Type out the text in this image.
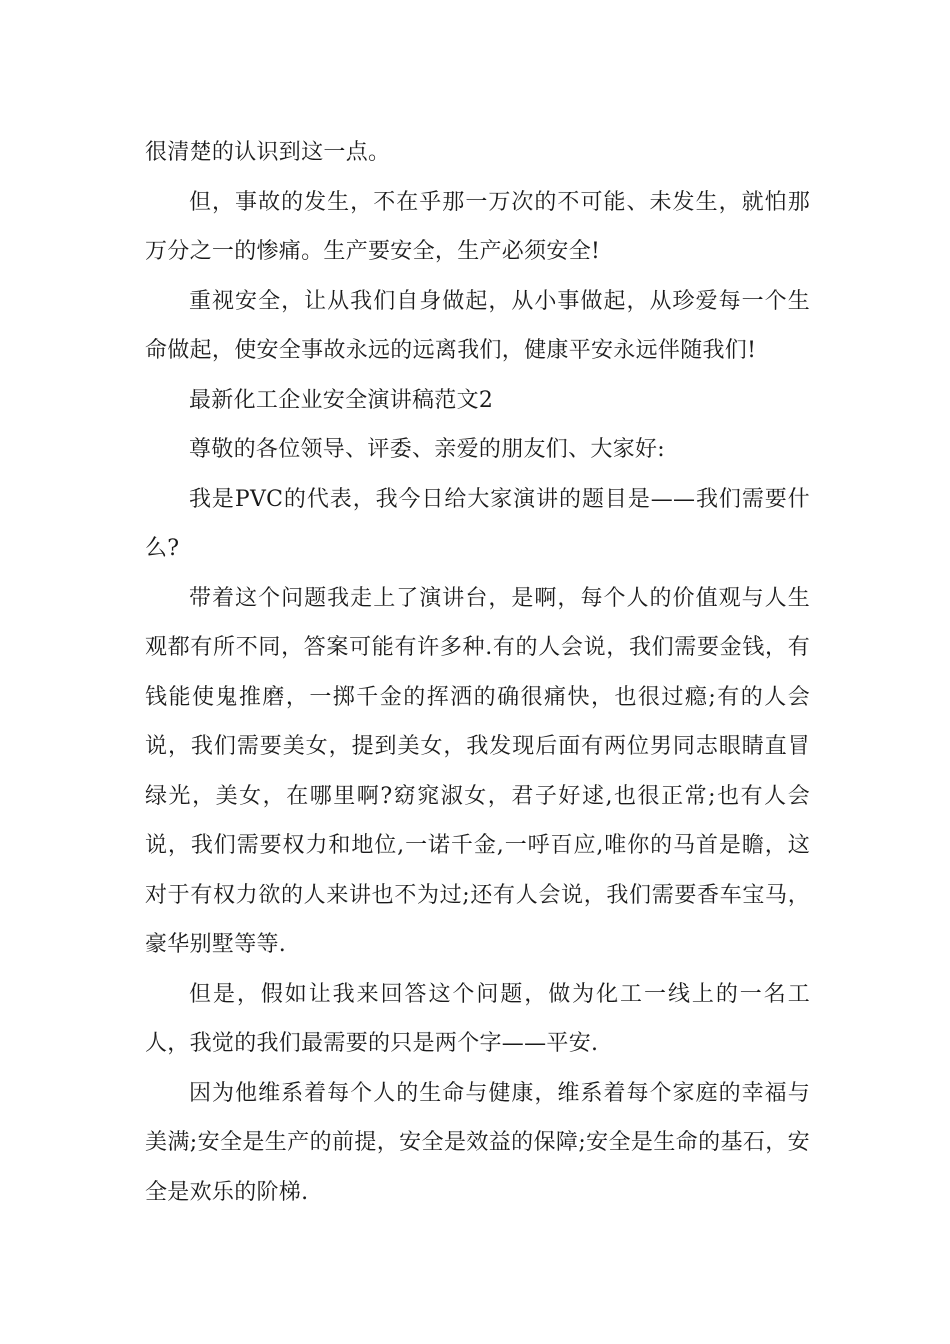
很清楚的认识到这一点。

但，事故的发生，不在乎那一万次的不可能、未发生，就怕那万分之一的惨痛。生产要安全，生产必须安全!

重视安全，让从我们自身做起，从小事做起，从珍爱每一个生命做起，使安全事故永远的远离我们，健康平安永远伴随我们!

最新化工企业安全演讲稿范文2

尊敬的各位领导、评委、亲爱的朋友们、大家好:

我是PVC的代表，我今日给大家演讲的题目是——我们需要什么?

带着这个问题我走上了演讲台，是啊，每个人的价值观与人生观都有所不同，答案可能有许多种.有的人会说，我们需要金钱，有钱能使鬼推磨，一掷千金的挥洒的确很痛快，也很过瘾;有的人会说，我们需要美女，提到美女，我发现后面有两位男同志眼睛直冒绿光，美女，在哪里啊?窈窕淑女，君子好逑,也很正常;也有人会说，我们需要权力和地位,一诺千金,一呼百应,唯你的马首是瞻，这对于有权力欲的人来讲也不为过;还有人会说，我们需要香车宝马，豪华别墅等等.

但是，假如让我来回答这个问题，做为化工一线上的一名工人，我觉的我们最需要的只是两个字——平安.

因为他维系着每个人的生命与健康，维系着每个家庭的幸福与美满;安全是生产的前提，安全是效益的保障;安全是生命的基石，安全是欢乐的阶梯.
